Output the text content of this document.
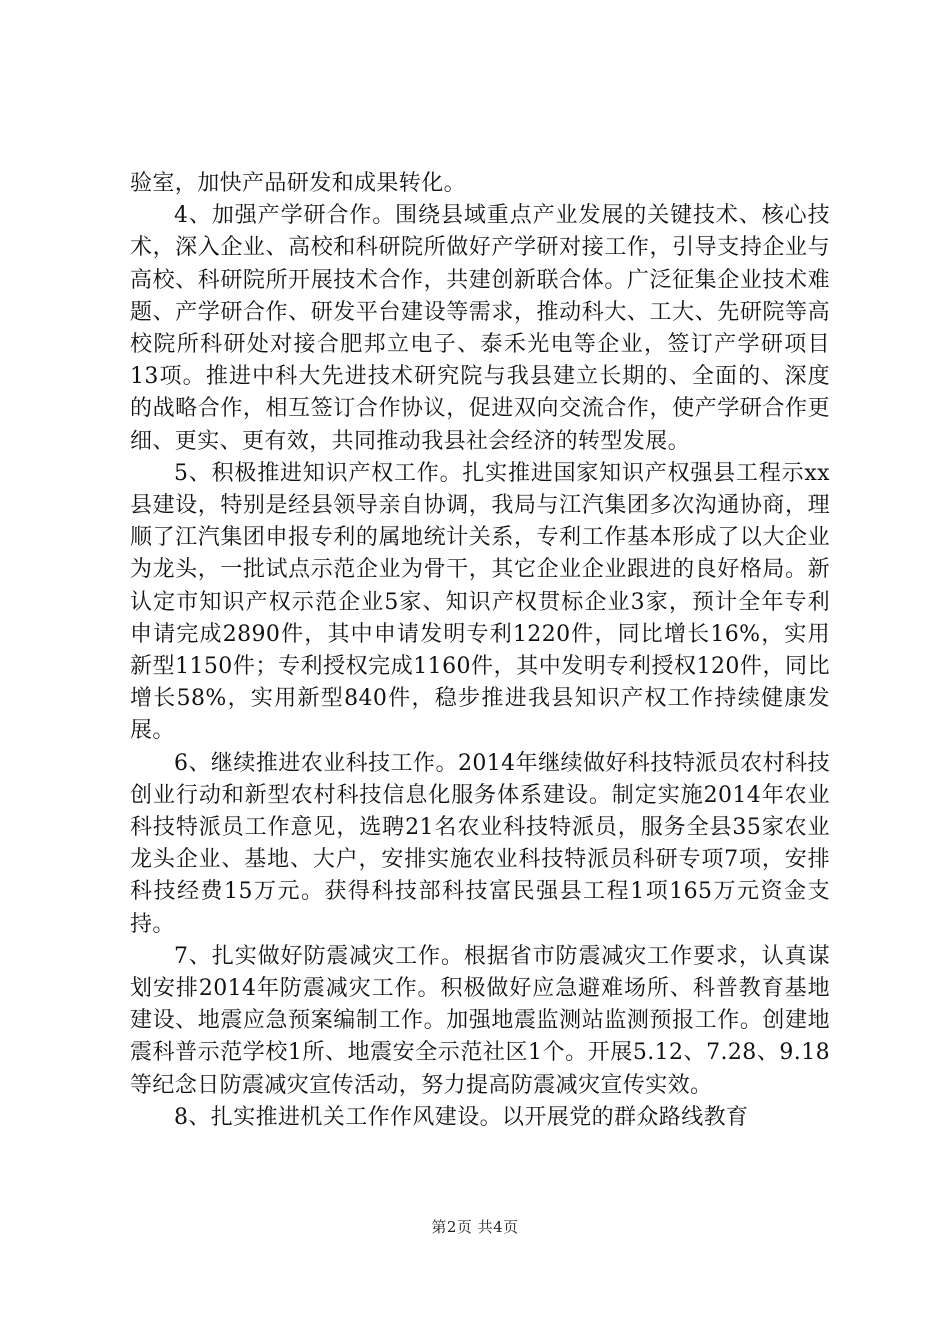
验室，加快产品研发和成果转化。

4、加强产学研合作。围绕县域重点产业发展的关键技术、核心技术，深入企业、高校和科研院所做好产学研对接工作，引导支持企业与高校、科研院所开展技术合作，共建创新联合体。广泛征集企业技术难题、产学研合作、研发平台建设等需求，推动科大、工大、先研院等高校院所科研处对接合肥邦立电子、泰禾光电等企业，签订产学研项目13项。推进中科大先进技术研究院与我县建立长期的、全面的、深度的战略合作，相互签订合作协议，促进双向交流合作，使产学研合作更细、更实、更有效，共同推动我县社会经济的转型发展。

5、积极推进知识产权工作。扎实推进国家知识产权强县工程示xx县建设，特别是经县领导亲自协调，我局与江汽集团多次沟通协商，理顺了江汽集团申报专利的属地统计关系，专利工作基本形成了以大企业为龙头，一批试点示范企业为骨干，其它企业企业跟进的良好格局。新认定市知识产权示范企业5家、知识产权贯标企业3家，预计全年专利申请完成2890件，其中申请发明专利1220件，同比增长16%，实用新型1150件；专利授权完成1160件，其中发明专利授权120件，同比增长58%，实用新型840件，稳步推进我县知识产权工作持续健康发展。

6、继续推进农业科技工作。2014年继续做好科技特派员农村科技创业行动和新型农村科技信息化服务体系建设。制定实施2014年农业科技特派员工作意见，选聘21名农业科技特派员，服务全县35家农业龙头企业、基地、大户，安排实施农业科技特派员科研专项7项，安排科技经费15万元。获得科技部科技富民强县工程1项165万元资金支持。

7、扎实做好防震减灾工作。根据省市防震减灾工作要求，认真谋划安排2014年防震减灾工作。积极做好应急避难场所、科普教育基地建设、地震应急预案编制工作。加强地震监测站监测预报工作。创建地震科普示范学校1所、地震安全示范社区1个。开展5.12、7.28、9.18等纪念日防震减灾宣传活动，努力提高防震减灾宣传实效。

8、扎实推进机关工作作风建设。以开展党的群众路线教育

第2页 共4页
